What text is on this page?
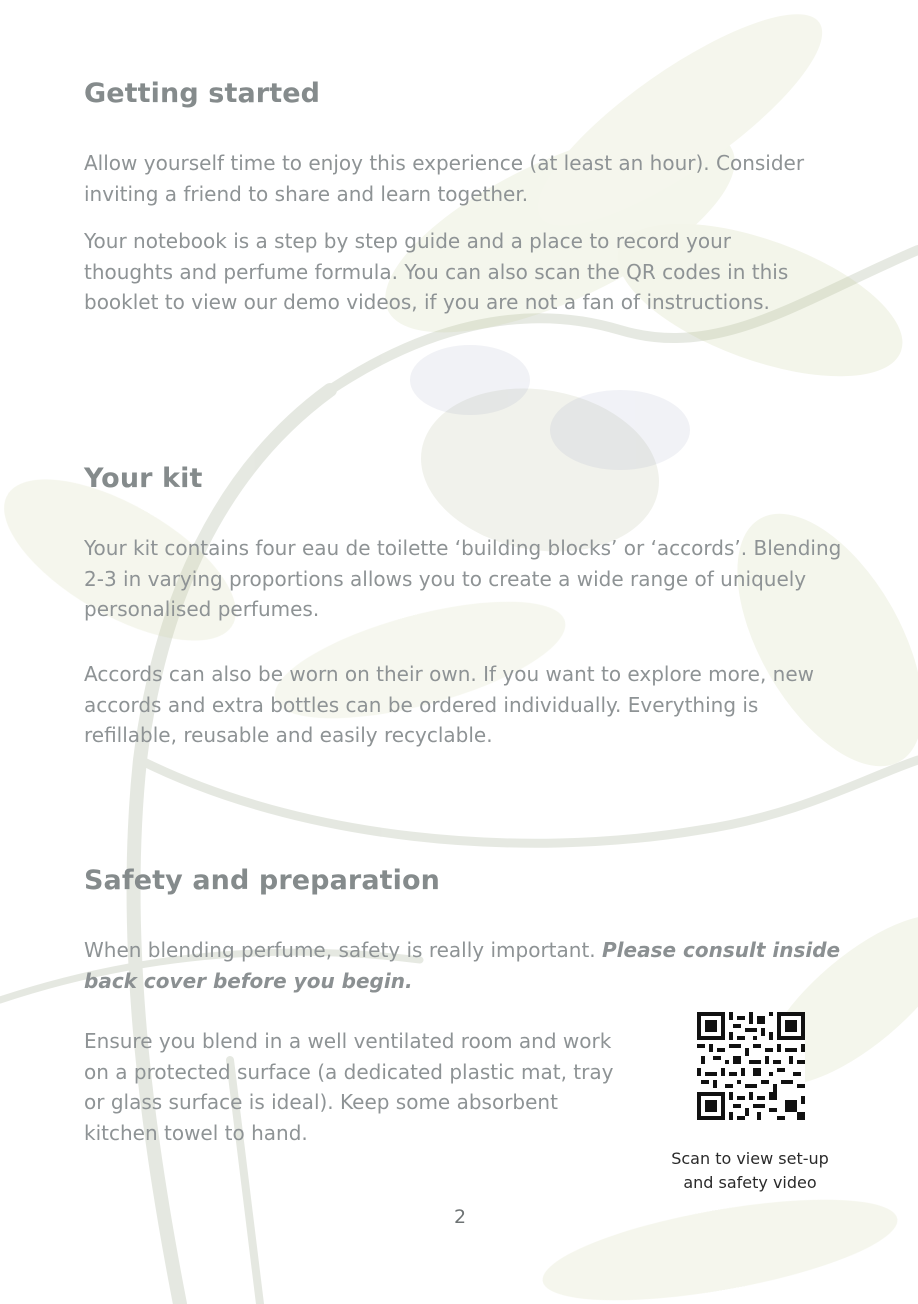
Getting started

Allow yourself time to enjoy this experience (at least an hour). Consider inviting a friend to share and learn together.

Your notebook is a step by step guide and a place to record your thoughts and perfume formula. You can also scan the QR codes in this booklet to view our demo videos, if you are not a fan of instructions.

Your kit

Your kit contains four eau de toilette ‘building blocks’ or ‘accords’. Blending 2-3 in varying proportions allows you to create a wide range of uniquely personalised perfumes.

Accords can also be worn on their own. If you want to explore more, new accords and extra bottles can be ordered individually. Everything is refillable, reusable and easily recyclable.

Safety and preparation

When blending perfume, safety is really important. Please consult inside back cover before you begin.

Ensure you blend in a well ventilated room and work on a protected surface (a dedicated plastic mat, tray or glass surface is ideal). Keep some absorbent kitchen towel to hand.

Scan to view set-up
and safety video
2
